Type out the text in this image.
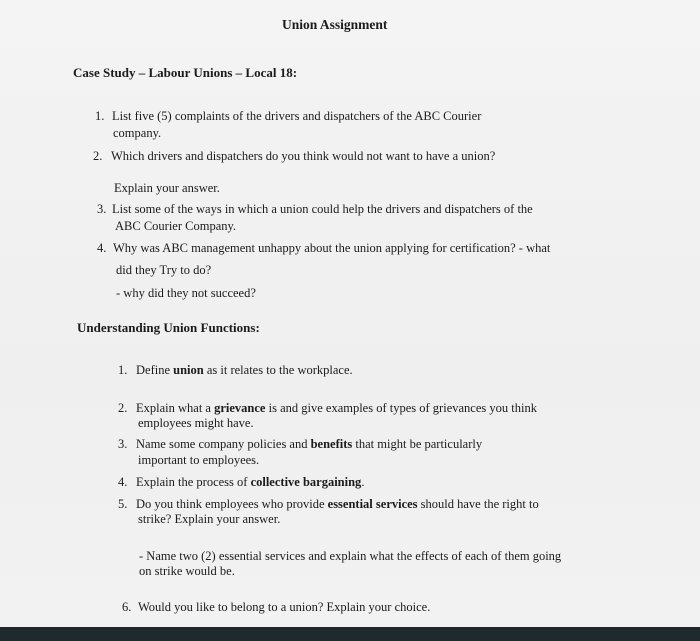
Union Assignment
Case Study – Labour Unions – Local 18:
1. List five (5) complaints of the drivers and dispatchers of the ABC Courier
company.
2. Which drivers and dispatchers do you think would not want to have a union?
Explain your answer.
3. List some of the ways in which a union could help the drivers and dispatchers of the
ABC Courier Company.
4. Why was ABC management unhappy about the union applying for certification? - what
did they Try to do?
- why did they not succeed?
Understanding Union Functions:
1. Define union as it relates to the workplace.
2. Explain what a grievance is and give examples of types of grievances you think
employees might have.
3. Name some company policies and benefits that might be particularly
important to employees.
4. Explain the process of collective bargaining.
5. Do you think employees who provide essential services should have the right to
strike? Explain your answer.
- Name two (2) essential services and explain what the effects of each of them going
on strike would be.
6. Would you like to belong to a union? Explain your choice.
